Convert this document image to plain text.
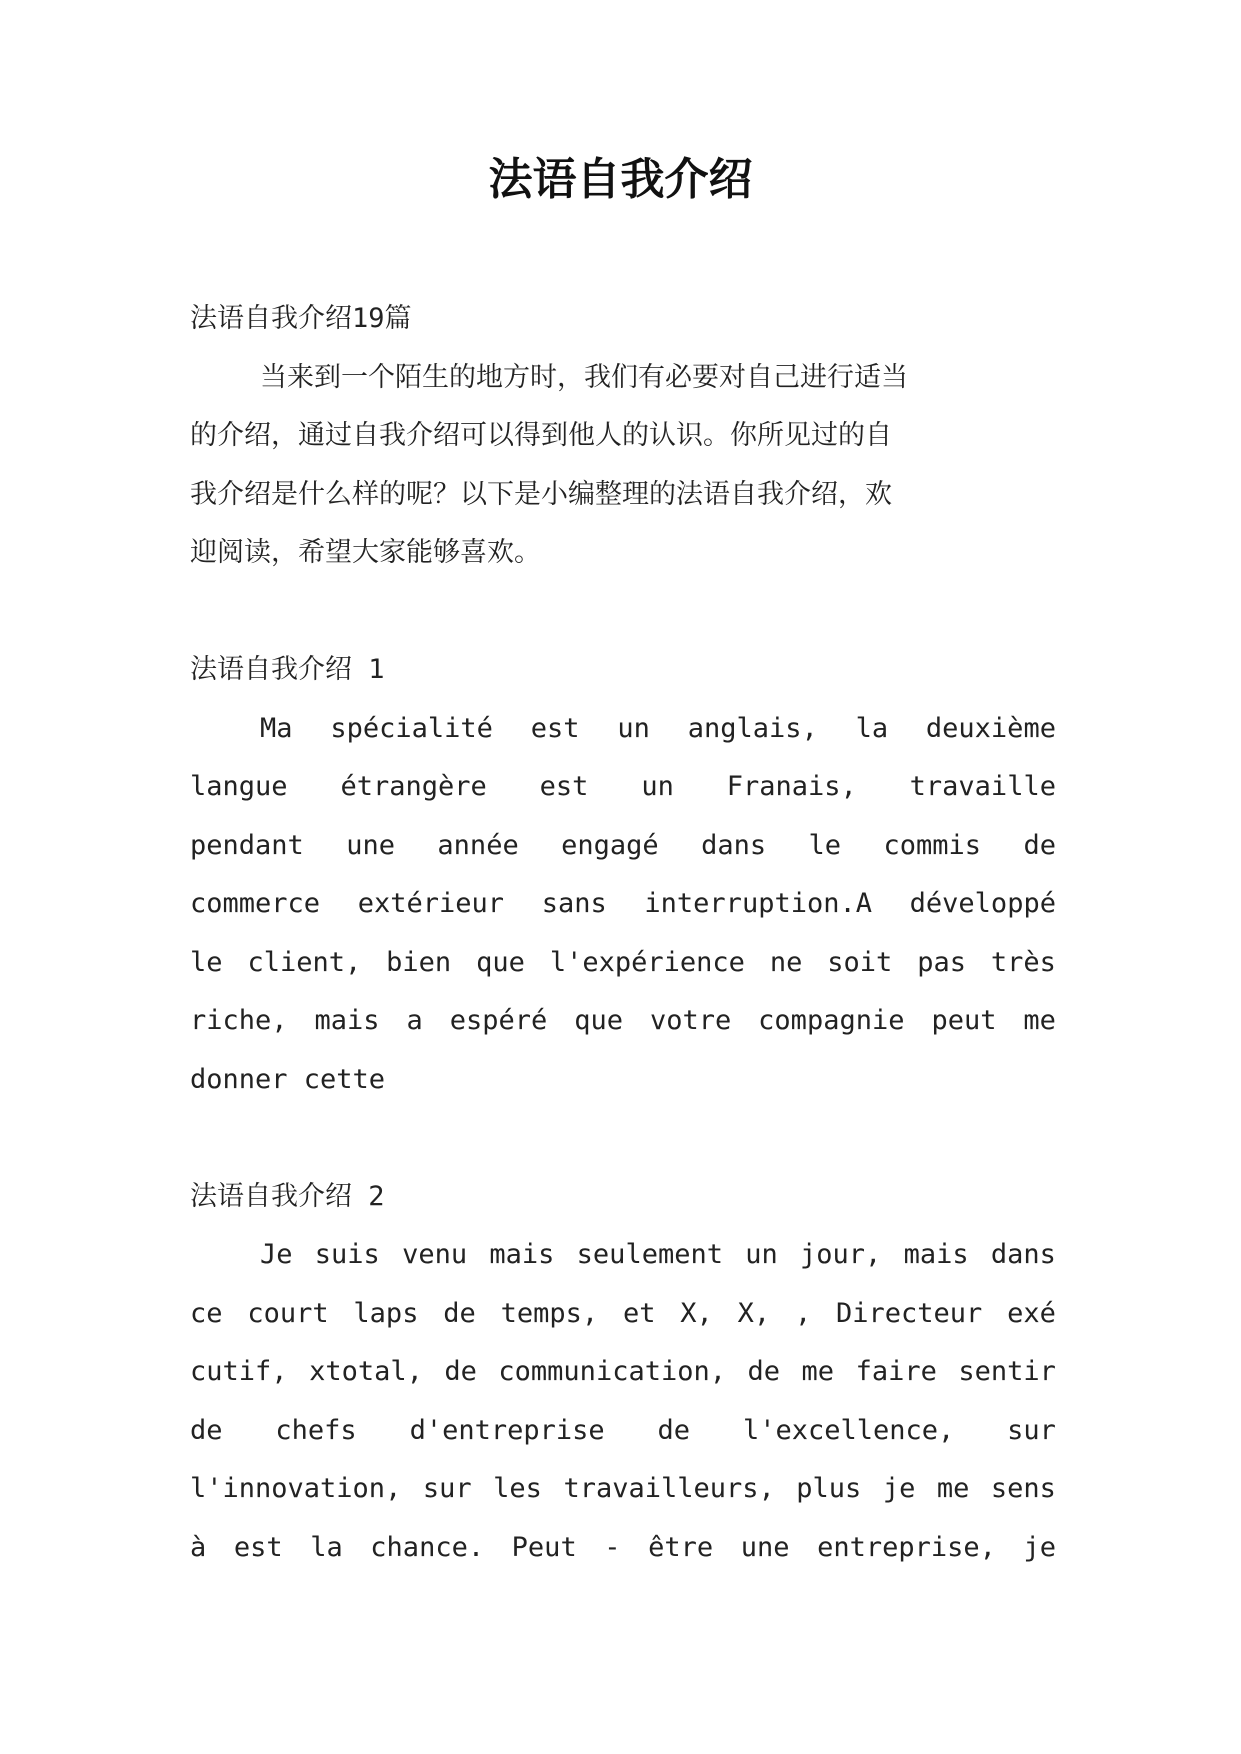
法语自我介绍
法语自我介绍19篇
当来到一个陌生的地方时，我们有必要对自己进行适当
的介绍，通过自我介绍可以得到他人的认识。你所见过的自
我介绍是什么样的呢？以下是小编整理的法语自我介绍，欢
迎阅读，希望大家能够喜欢。
法语自我介绍 1
Ma spécialité est un anglais, la deuxième
langue étrangère est un Franais, travaille
pendant une année engagé dans le commis de
commerce extérieur sans interruption.A développé
le client, bien que l'expérience ne soit pas très
riche, mais a espéré que votre compagnie peut me
donner cette
法语自我介绍 2
Je suis venu mais seulement un jour, mais dans
ce court laps de temps, et X, X, , Directeur exé
cutif, xtotal, de communication, de me faire sentir
de chefs d'entreprise de l'excellence, sur
l'innovation, sur les travailleurs, plus je me sens
à est la chance. Peut - être une entreprise, je
